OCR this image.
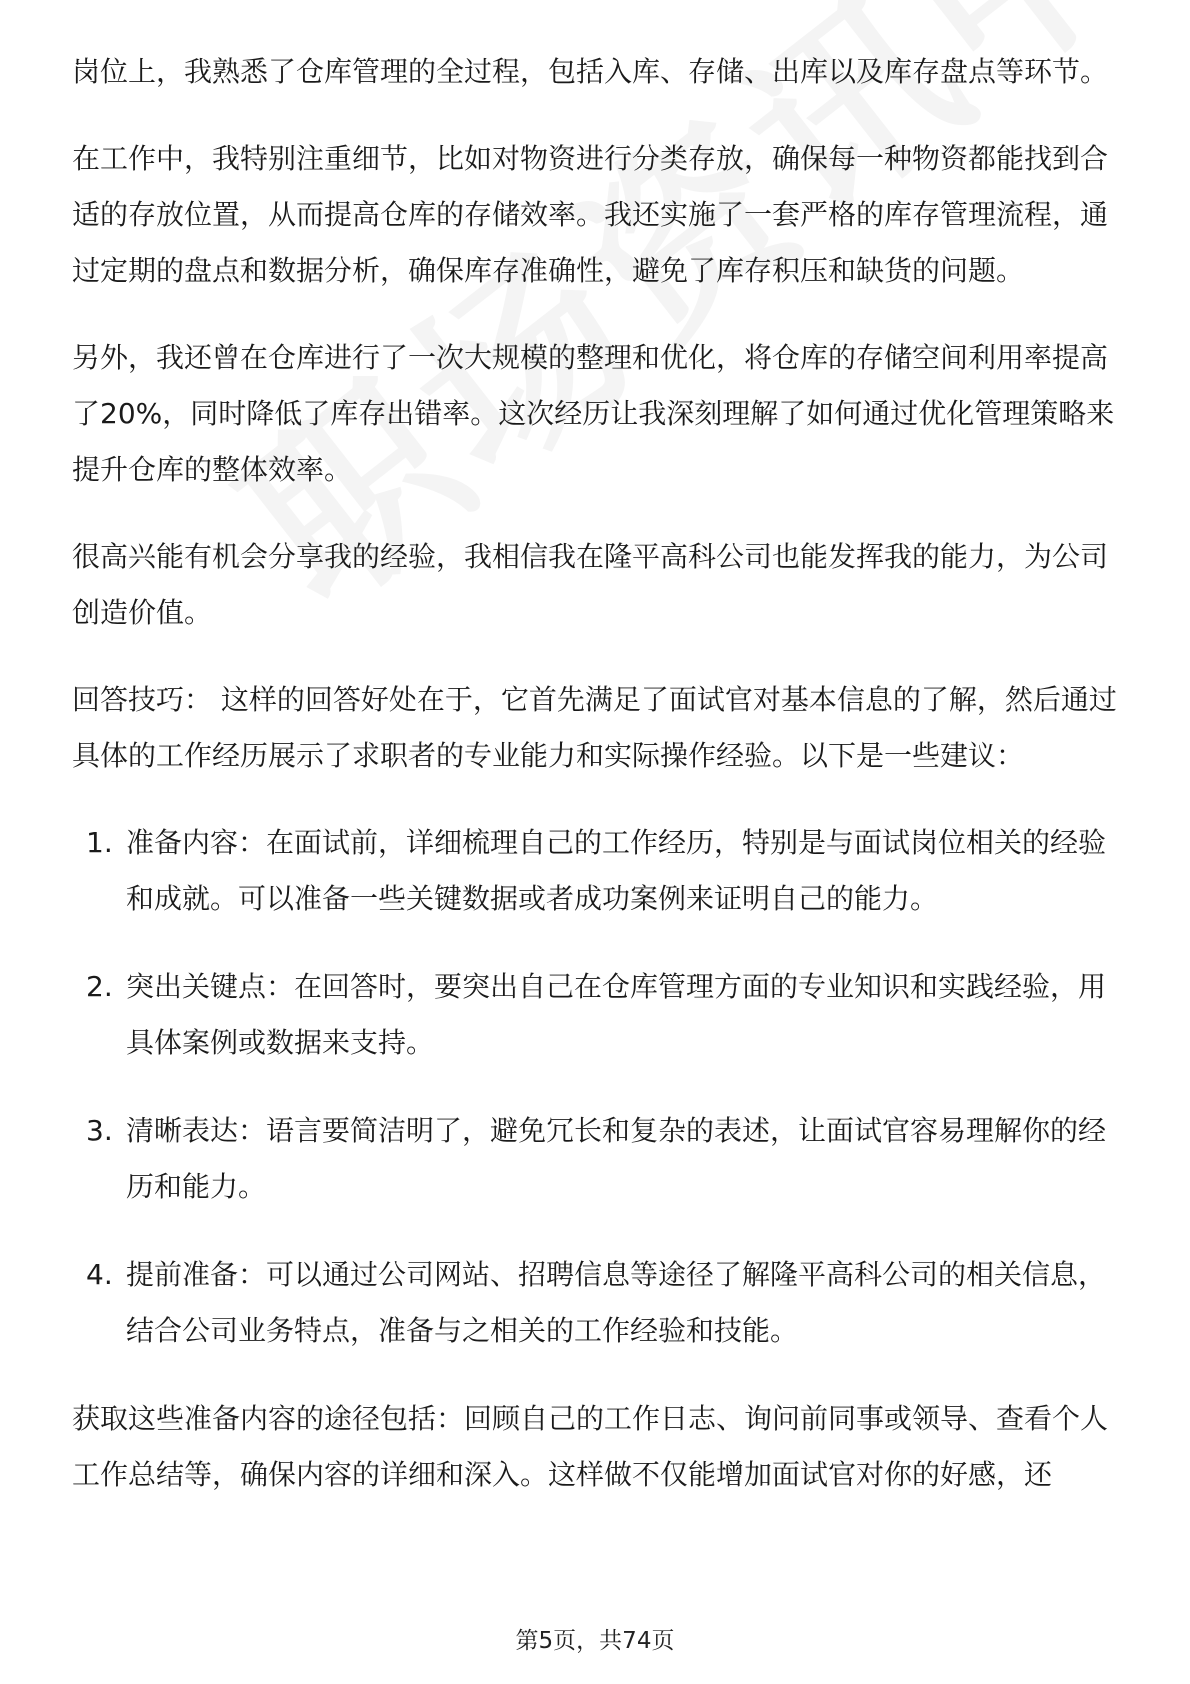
岗位上，我熟悉了仓库管理的全过程，包括入库、存储、出库以及库存盘点等环节。

在工作中，我特别注重细节，比如对物资进行分类存放，确保每一种物资都能找到合适的存放位置，从而提高仓库的存储效率。我还实施了一套严格的库存管理流程，通过定期的盘点和数据分析，确保库存准确性，避免了库存积压和缺货的问题。

另外，我还曾在仓库进行了一次大规模的整理和优化，将仓库的存储空间利用率提高了20%，同时降低了库存出错率。这次经历让我深刻理解了如何通过优化管理策略来提升仓库的整体效率。

很高兴能有机会分享我的经验，我相信我在隆平高科公司也能发挥我的能力，为公司创造价值。

回答技巧： 这样的回答好处在于，它首先满足了面试官对基本信息的了解，然后通过具体的工作经历展示了求职者的专业能力和实际操作经验。以下是一些建议：

1. 准备内容：在面试前，详细梳理自己的工作经历，特别是与面试岗位相关的经验和成就。可以准备一些关键数据或者成功案例来证明自己的能力。
2. 突出关键点：在回答时，要突出自己在仓库管理方面的专业知识和实践经验，用具体案例或数据来支持。
3. 清晰表达：语言要简洁明了，避免冗长和复杂的表述，让面试官容易理解你的经历和能力。
4. 提前准备：可以通过公司网站、招聘信息等途径了解隆平高科公司的相关信息，结合公司业务特点，准备与之相关的工作经验和技能。

获取这些准备内容的途径包括：回顾自己的工作日志、询问前同事或领导、查看个人工作总结等，确保内容的详细和深入。这样做不仅能增加面试官对你的好感，还

第5页，共74页
